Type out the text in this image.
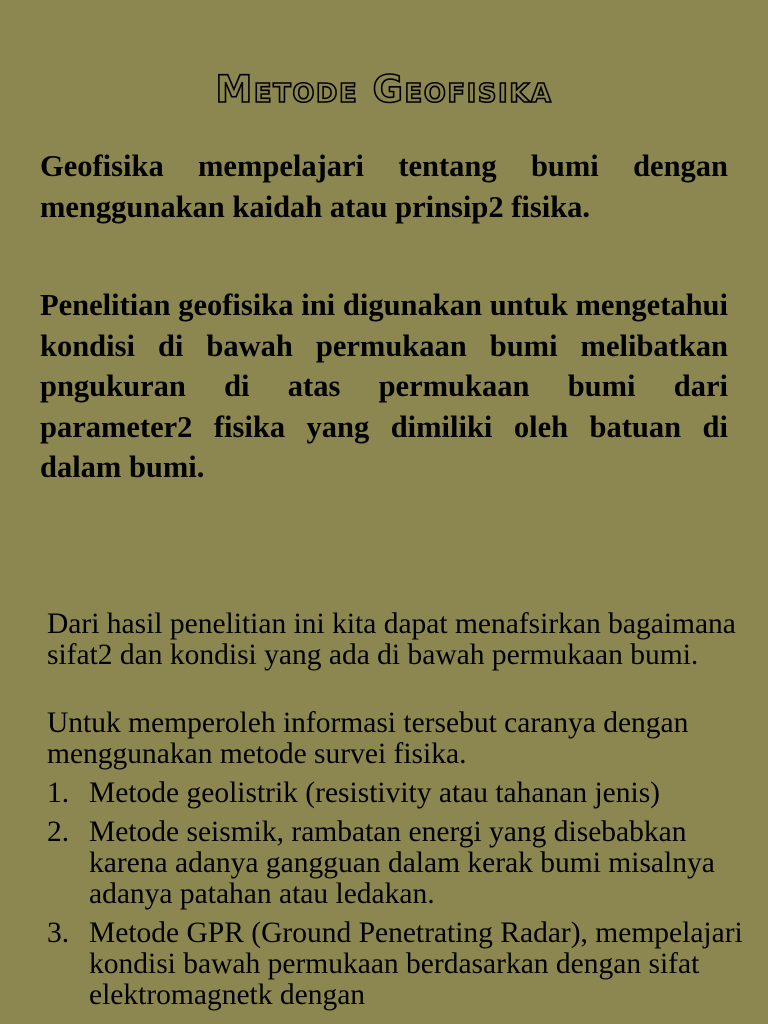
Metode Geofisika

Geofisika mempelajari tentang bumi dengan menggunakan kaidah atau prinsip2 fisika.

Penelitian geofisika ini digunakan untuk mengetahui kondisi di bawah permukaan bumi melibatkan pngukuran di atas permukaan bumi dari parameter2 fisika yang dimiliki oleh batuan di dalam bumi.

Dari hasil penelitian ini kita dapat menafsirkan bagaimana sifat2 dan kondisi yang ada di bawah permukaan bumi.

Untuk memperoleh informasi tersebut caranya dengan menggunakan metode survei fisika.

1. Metode geolistrik (resistivity atau tahanan jenis)
2. Metode seismik, rambatan energi yang disebabkan karena adanya gangguan dalam kerak bumi misalnya adanya patahan atau ledakan.
3. Metode GPR (Ground Penetrating Radar), mempelajari kondisi bawah permukaan berdasarkan dengan sifat elektromagnetk dengan
